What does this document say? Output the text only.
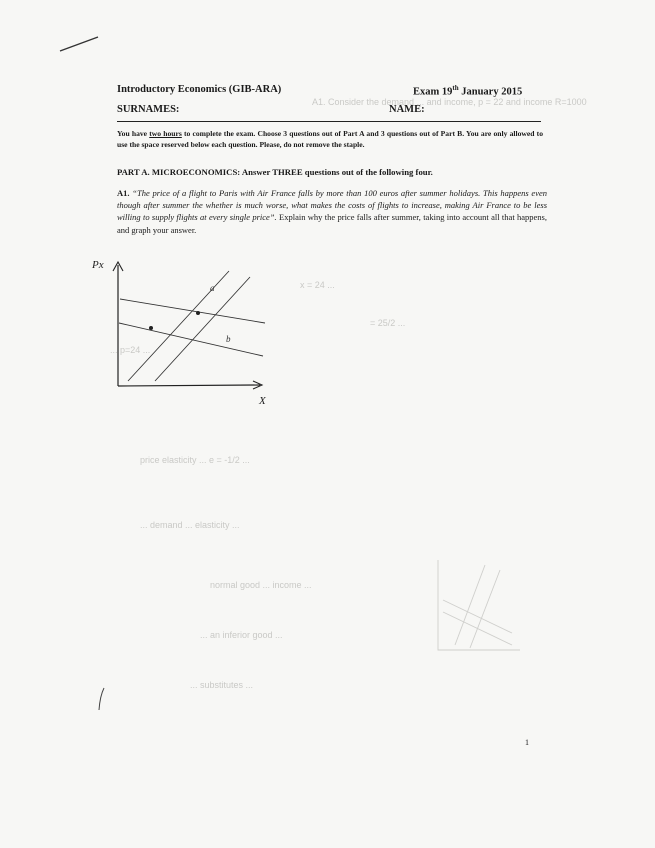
A1. Consider the demand ... and income, p = 22 and income R=1000
x = 24 ...
= 25/2 ...
... p=24 ...
price elasticity ... e = -1/2 ...
... demand ... elasticity ...
normal good ... income ...
... an inferior good ...
... substitutes ...
Introductory Economics (GIB-ARA)	Exam 19th January 2015
SURNAMES:	NAME:
You have two hours to complete the exam. Choose 3 questions out of Part A and 3 questions out of Part B. You are only allowed to use the space reserved below each question. Please, do not remove the staple.
PART A. MICROECONOMICS: Answer THREE questions out of the following four.
A1. “The price of a flight to Paris with Air France falls by more than 100 euros after summer holidays. This happens even though after summer the whether is much worse, what makes the costs of flights to increase, making Air France to be less willing to supply flights at every single price”. Explain why the price falls after summer, taking into account all that happens, and graph your answer.
1
Px
X
a
b
